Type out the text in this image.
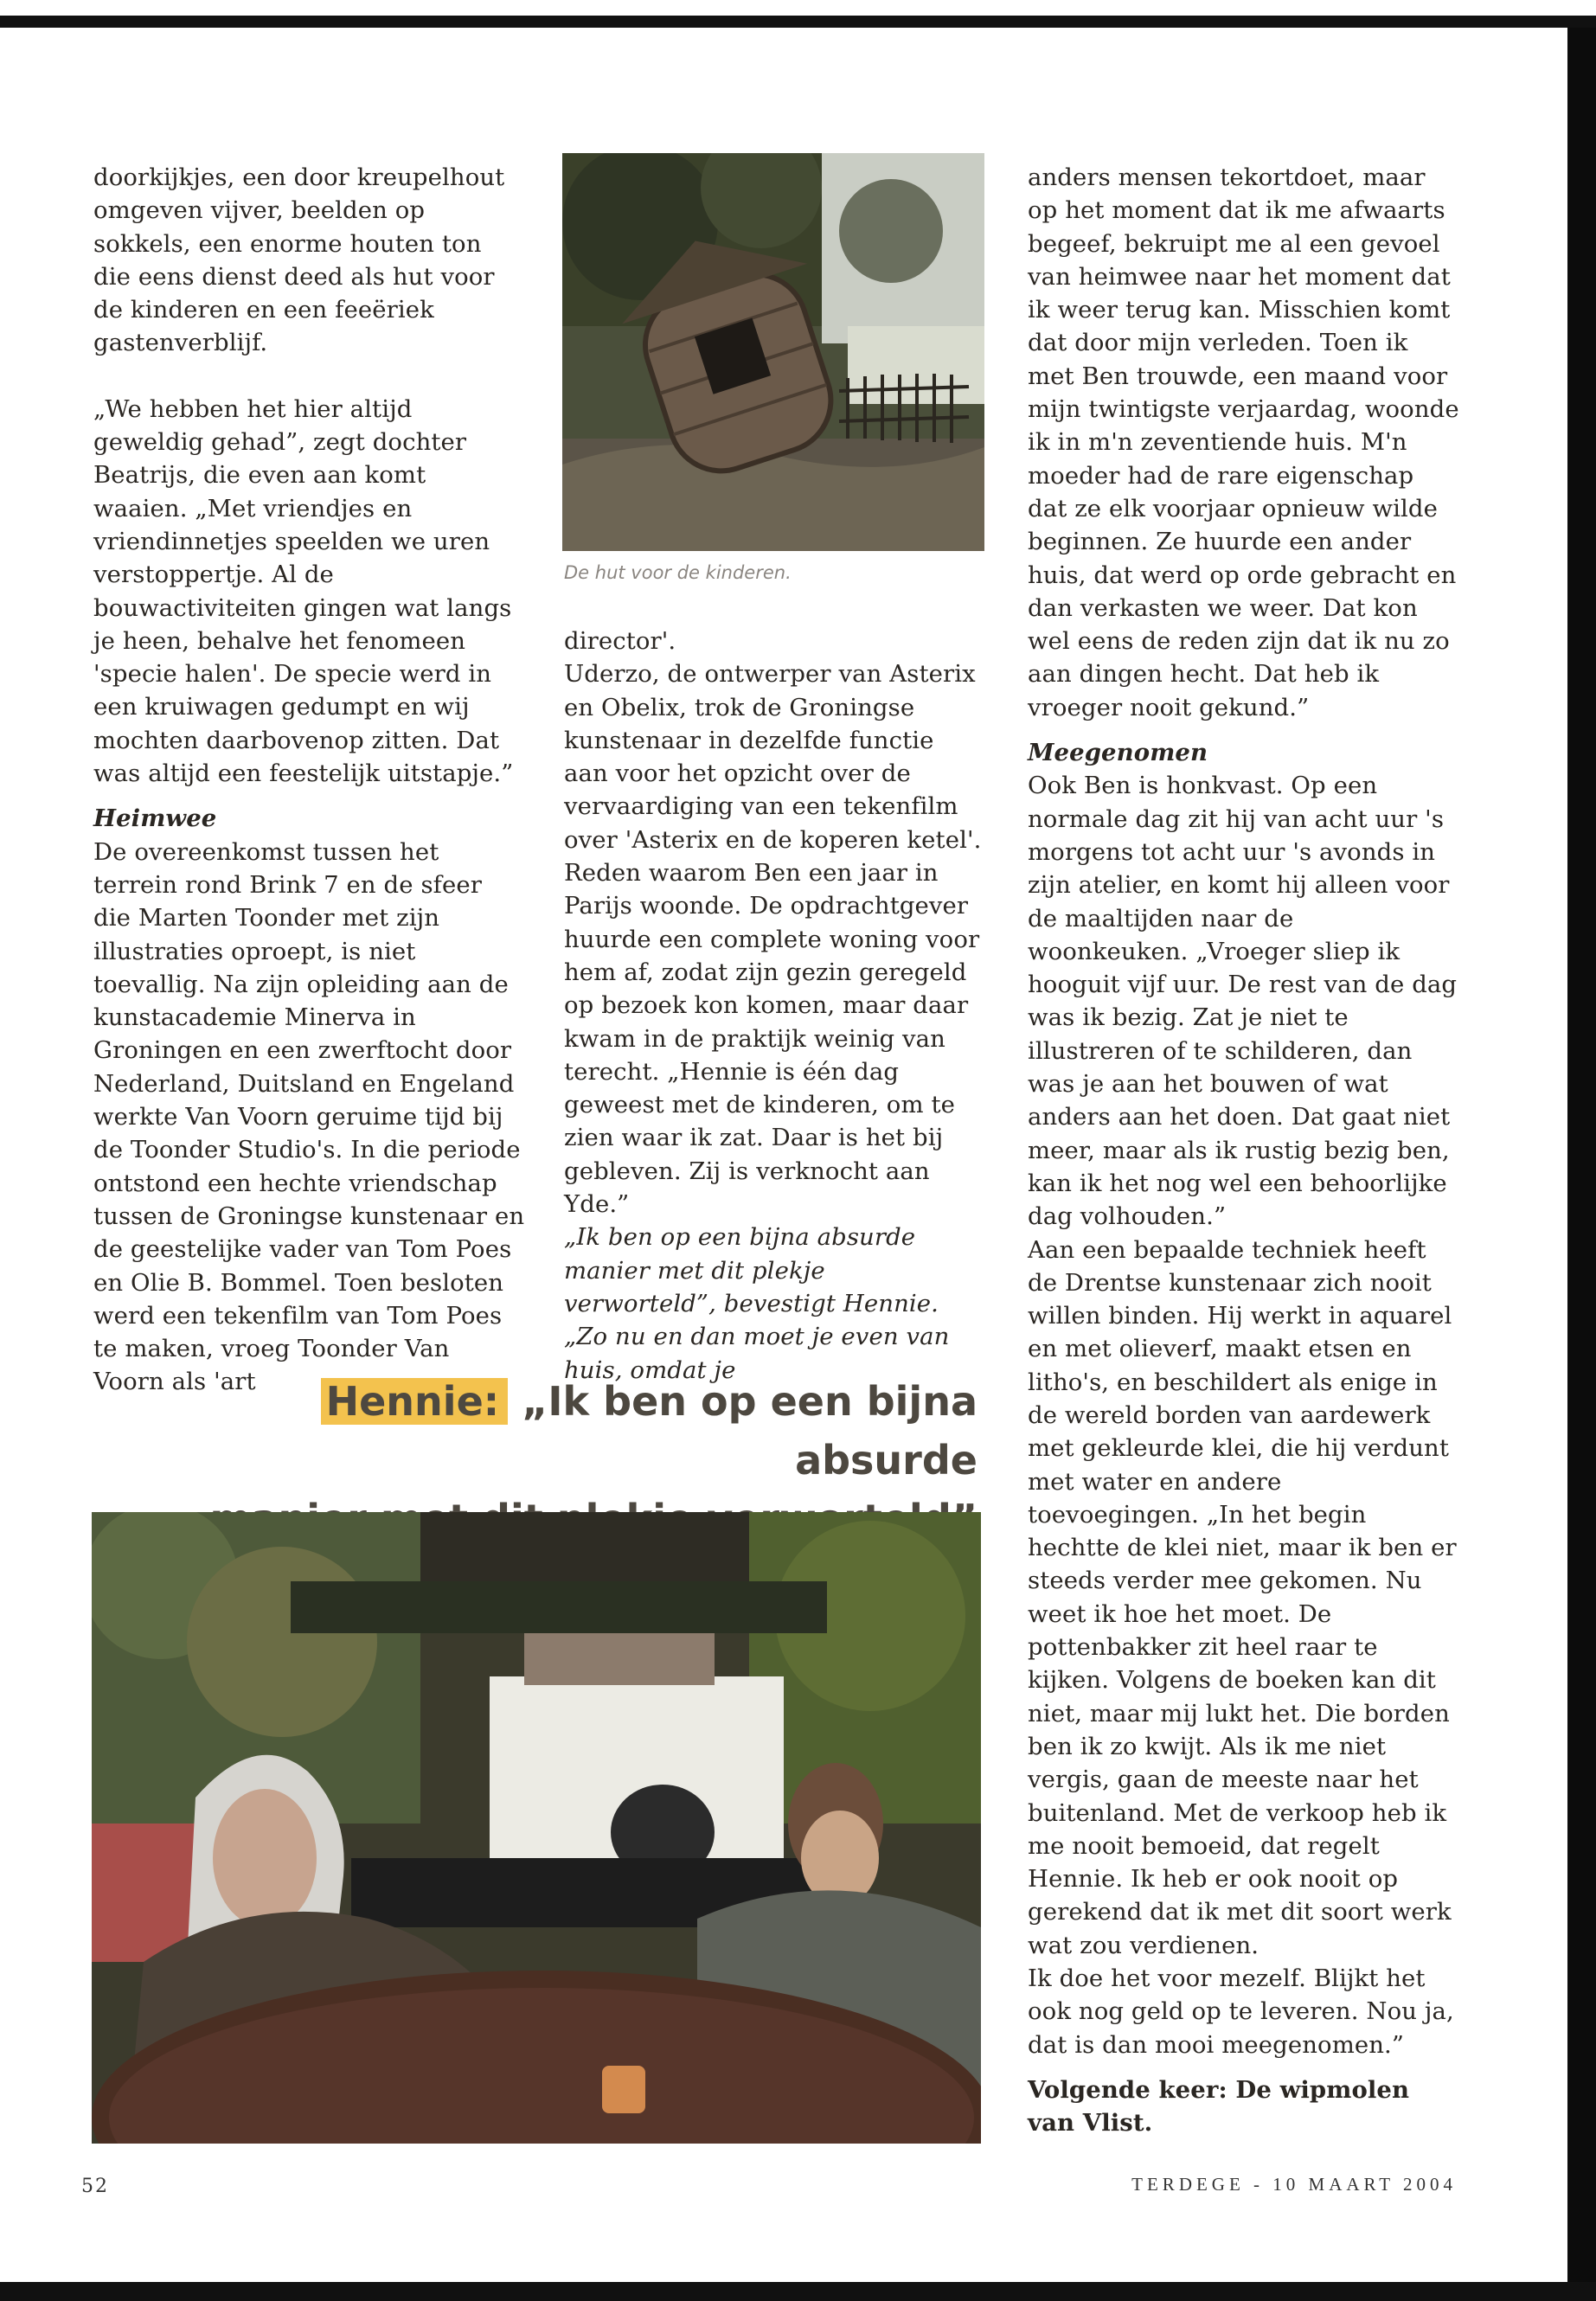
doorkijkjes, een door kreupelhout omgeven vijver, beelden op sokkels, een enorme houten ton die eens dienst deed als hut voor de kinderen en een feeëriek gastenverblijf.

„We hebben het hier altijd geweldig gehad”, zegt dochter Beatrijs, die even aan komt waaien. „Met vriendjes en vriendinnetjes speelden we uren verstoppertje. Al de bouwactiviteiten gingen wat langs je heen, behalve het fenomeen 'specie halen'. De specie werd in een kruiwagen gedumpt en wij mochten daarbovenop zitten. Dat was altijd een feestelijk uitstapje.”

Heimwee

De overeenkomst tussen het terrein rond Brink 7 en de sfeer die Marten Toonder met zijn illustraties oproept, is niet toevallig. Na zijn opleiding aan de kunstacademie Minerva in Groningen en een zwerftocht door Nederland, Duitsland en Engeland werkte Van Voorn geruime tijd bij de Toonder Studio's. In die periode ontstond een hechte vriendschap tussen de Groningse kunstenaar en de geestelijke vader van Tom Poes en Olie B. Bommel. Toen besloten werd een tekenfilm van Tom Poes te maken, vroeg Toonder Van Voorn als 'art

De hut voor de kinderen.

director'.

Uderzo, de ontwerper van Asterix en Obelix, trok de Groningse kunstenaar in dezelfde functie aan voor het opzicht over de vervaardiging van een tekenfilm over 'Asterix en de koperen ketel'. Reden waarom Ben een jaar in Parijs woonde. De opdrachtgever huurde een complete woning voor hem af, zodat zijn gezin geregeld op bezoek kon komen, maar daar kwam in de praktijk weinig van terecht. „Hennie is één dag geweest met de kinderen, om te zien waar ik zat. Daar is het bij gebleven. Zij is verknocht aan Yde.”

„Ik ben op een bijna absurde manier met dit plekje verworteld”, bevestigt Hennie. „Zo nu en dan moet je even van huis, omdat je

Hennie: „Ik ben op een bijna absurde

anders mensen tekortdoet, maar op het moment dat ik me afwaarts begeef, bekruipt me al een gevoel van heimwee naar het moment dat ik weer terug kan. Misschien komt dat door mijn verleden. Toen ik met Ben trouwde, een maand voor mijn twintigste verjaardag, woonde ik in m'n zeventiende huis. M'n moeder had de rare eigenschap dat ze elk voorjaar opnieuw wilde beginnen. Ze huurde een ander huis, dat werd op orde gebracht en dan verkasten we weer. Dat kon wel eens de reden zijn dat ik nu zo aan dingen hecht. Dat heb ik vroeger nooit gekund.”

Meegenomen

Ook Ben is honkvast. Op een normale dag zit hij van acht uur 's morgens tot acht uur 's avonds in zijn atelier, en komt hij alleen voor de maaltijden naar de woonkeuken. „Vroeger sliep ik hooguit vijf uur. De rest van de dag was ik bezig. Zat je niet te illustreren of te schilderen, dan was je aan het bouwen of wat anders aan het doen. Dat gaat niet meer, maar als ik rustig bezig ben, kan ik het nog wel een behoorlijke dag volhouden.”

Aan een bepaalde techniek heeft de Drentse kunstenaar zich nooit willen binden. Hij werkt in aquarel en met olieverf, maakt etsen en litho's, en beschildert als enige in de wereld borden van aardewerk met gekleurde klei, die hij verdunt met water en andere toevoegingen. „In het begin hechtte de klei niet, maar ik ben er steeds verder mee gekomen. Nu weet ik hoe het moet. De pottenbakker zit heel raar te kijken. Volgens de boeken kan dit niet, maar mij lukt het. Die borden ben ik zo kwijt. Als ik me niet vergis, gaan de meeste naar het buitenland. Met de verkoop heb ik me nooit bemoeid, dat regelt Hennie. Ik heb er ook nooit op gerekend dat ik met dit soort werk wat zou verdienen.

Ik doe het voor mezelf. Blijkt het ook nog geld op te leveren. Nou ja, dat is dan mooi meegenomen.”

Volgende keer: De wipmolen van Vlist.

52	TERDEGE - 10 MAART 2004
